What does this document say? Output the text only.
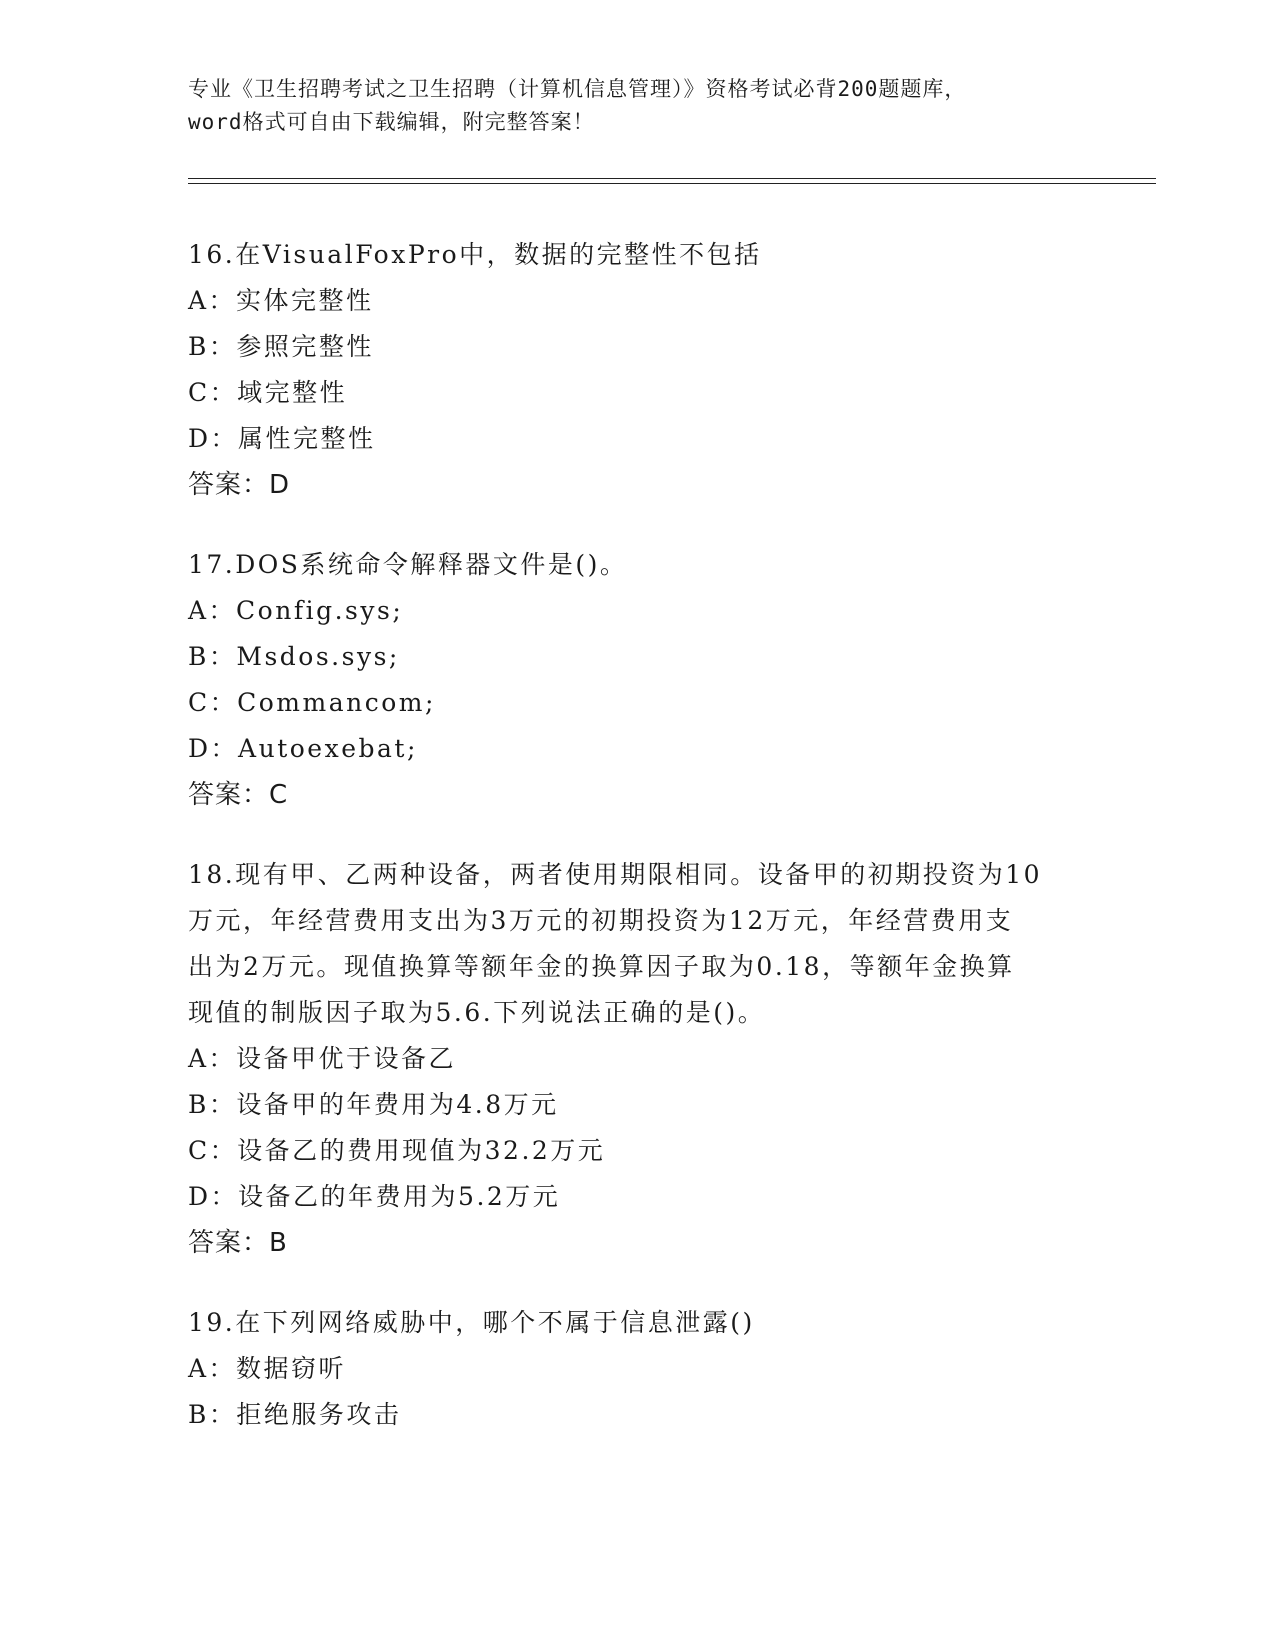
专业《卫生招聘考试之卫生招聘（计算机信息管理）》资格考试必背200题题库，

word格式可自由下载编辑，附完整答案！

16.在VisualFoxPro中，数据的完整性不包括

A：实体完整性

B：参照完整性

C：域完整性

D：属性完整性

答案：D

17.DOS系统命令解释器文件是()。

A：Config.sys;

B：Msdos.sys;

C：Commancom;

D：Autoexebat;

答案：C

18.现有甲、乙两种设备，两者使用期限相同。设备甲的初期投资为10

万元，年经营费用支出为3万元的初期投资为12万元，年经营费用支

出为2万元。现值换算等额年金的换算因子取为0.18，等额年金换算

现值的制版因子取为5.6.下列说法正确的是()。

A：设备甲优于设备乙

B：设备甲的年费用为4.8万元

C：设备乙的费用现值为32.2万元

D：设备乙的年费用为5.2万元

答案：B

19.在下列网络威胁中，哪个不属于信息泄露()

A：数据窃听

B：拒绝服务攻击
